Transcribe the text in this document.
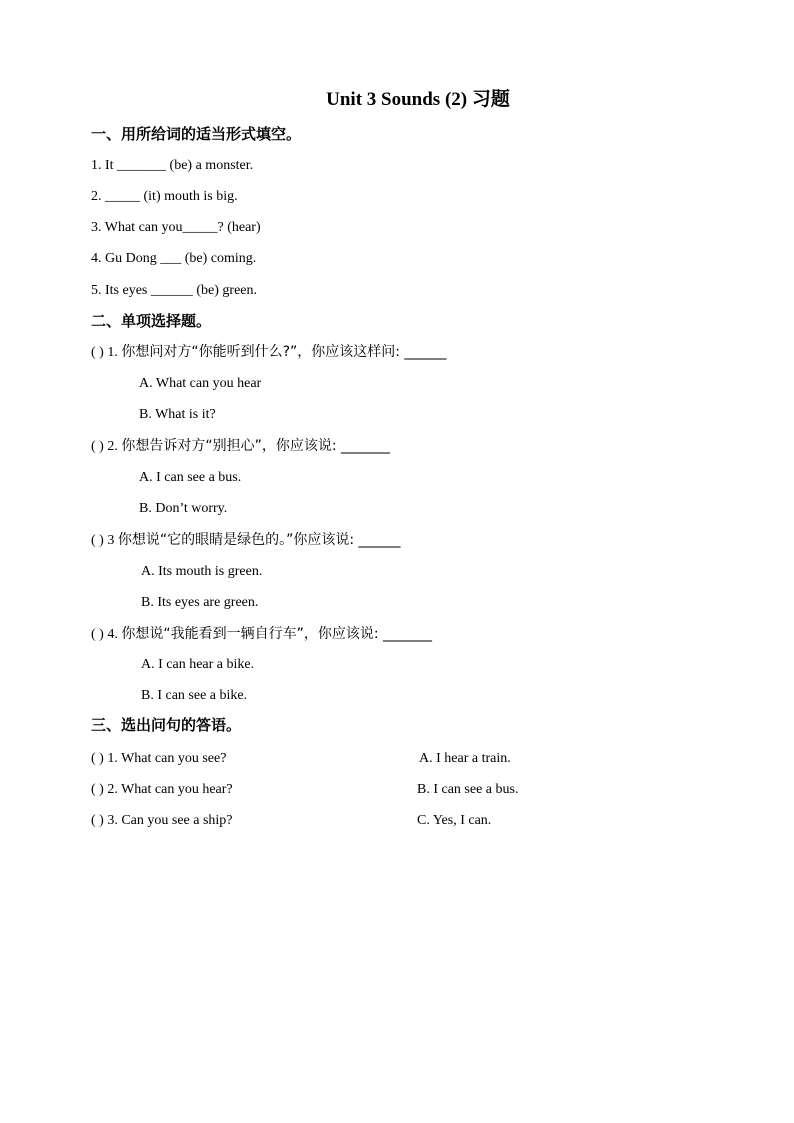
Unit 3 Sounds (2) 习题
一、用所给词的适当形式填空。
1. It _______ (be) a monster.
2. _____ (it) mouth is big.
3. What can you_____? (hear)
4. Gu Dong ___ (be) coming.
5. Its eyes ______ (be) green.
二、单项选择题。
( ) 1. 你想问对方“你能听到什么?”，你应该这样问: ______
A. What can you hear
B. What is it?
( ) 2. 你想告诉对方“别担心”，你应该说: _______
A. I can see a bus.
B. Don’t worry.
( ) 3 你想说“它的眼睛是绿色的。”你应该说: ______
A. Its mouth is green.
B. Its eyes are green.
( ) 4. 你想说“我能看到一辆自行车”，你应该说: _______
A. I can hear a bike.
B. I can see a bike.
三、选出问句的答语。
( ) 1. What can you see?
( ) 2. What can you hear?
( ) 3. Can you see a ship?
A. I hear a train.
B. I can see a bus.
C. Yes, I can.
